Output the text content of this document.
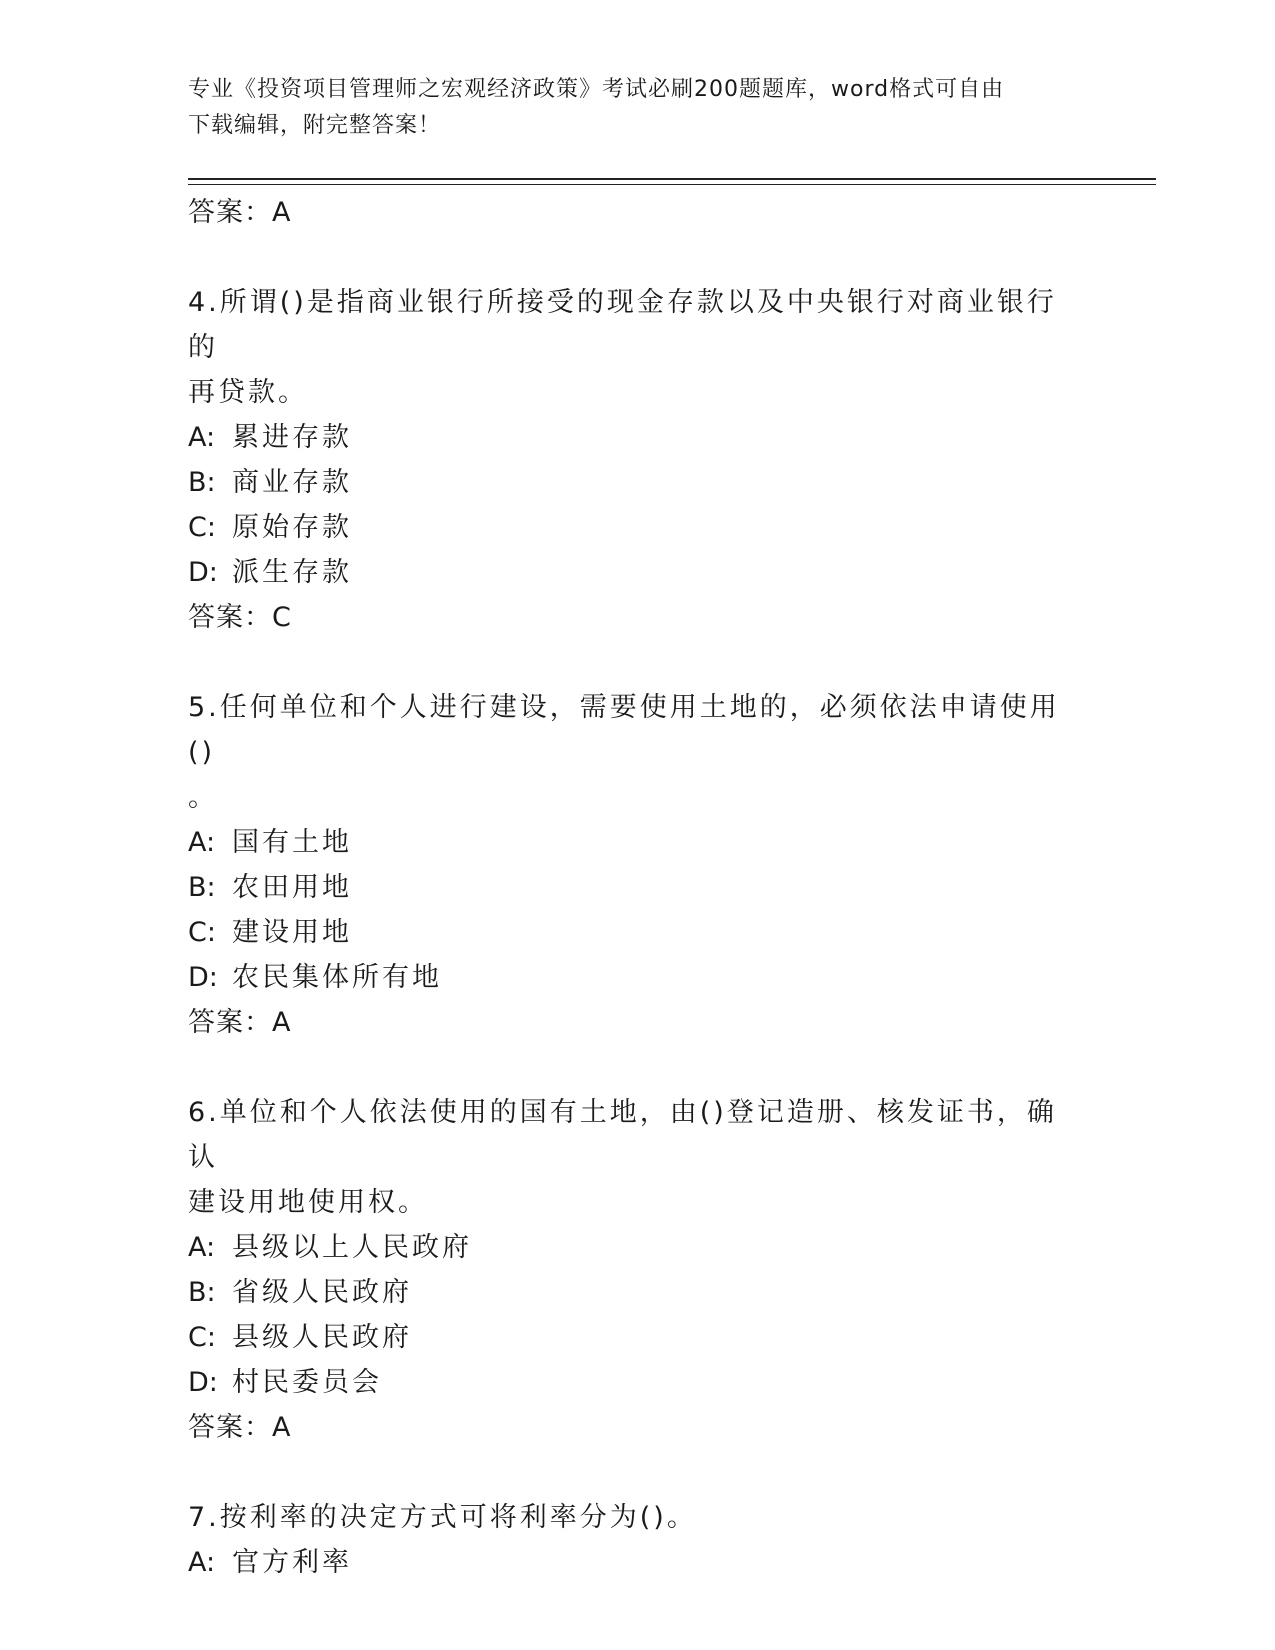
专业《投资项目管理师之宏观经济政策》考试必刷200题题库，word格式可自由
下载编辑，附完整答案！
答案：A
4.所谓()是指商业银行所接受的现金存款以及中央银行对商业银行的
再贷款。
A: 累进存款
B: 商业存款
C: 原始存款
D: 派生存款
答案：C
5.任何单位和个人进行建设，需要使用土地的，必须依法申请使用()
。
A: 国有土地
B: 农田用地
C: 建设用地
D: 农民集体所有地
答案：A
6.单位和个人依法使用的国有土地，由()登记造册、核发证书，确认
建设用地使用权。
A: 县级以上人民政府
B: 省级人民政府
C: 县级人民政府
D: 村民委员会
答案：A
7.按利率的决定方式可将利率分为()。
A: 官方利率
